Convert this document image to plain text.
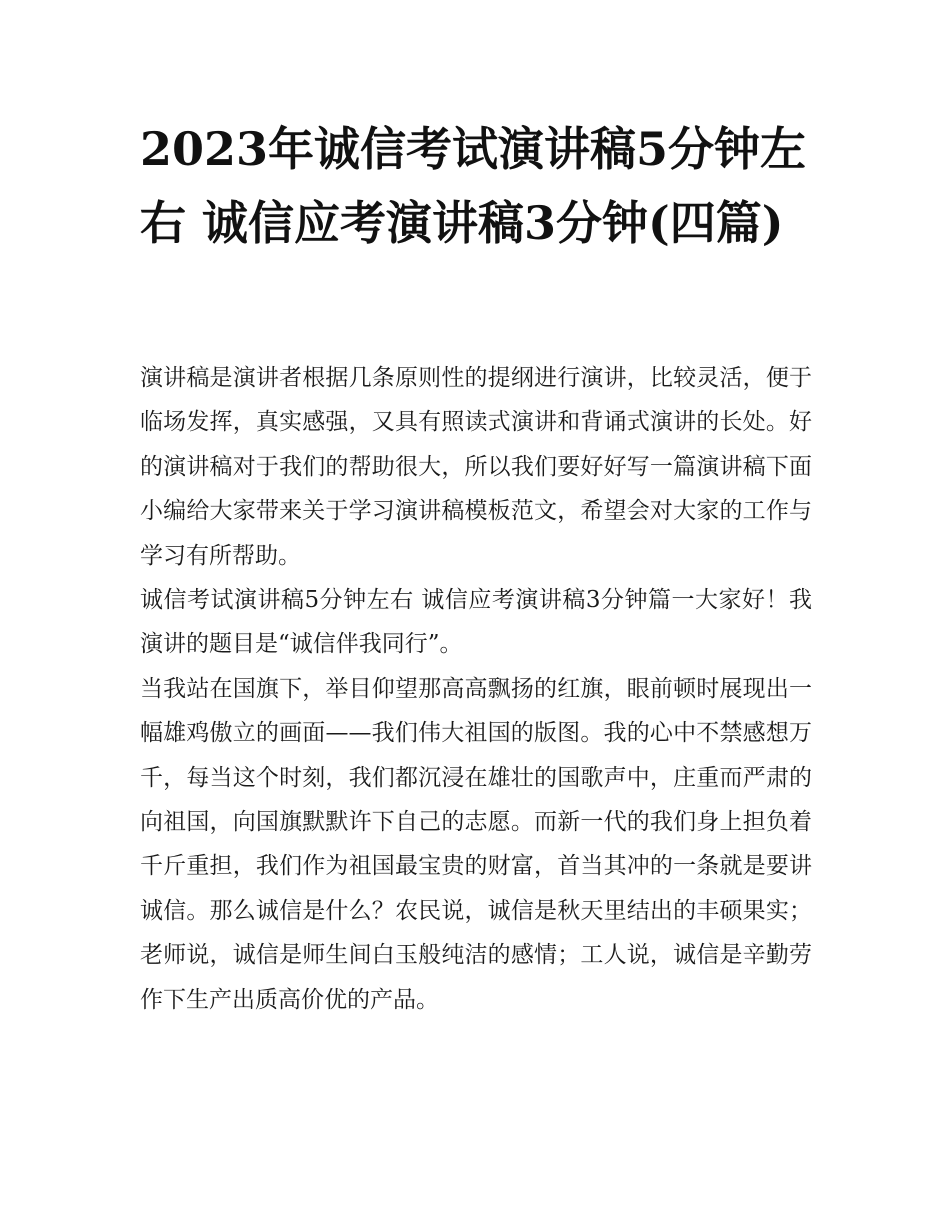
2023年诚信考试演讲稿5分钟左右 诚信应考演讲稿3分钟(四篇)

演讲稿是演讲者根据几条原则性的提纲进行演讲，比较灵活，便于临场发挥，真实感强，又具有照读式演讲和背诵式演讲的长处。好的演讲稿对于我们的帮助很大，所以我们要好好写一篇演讲稿下面小编给大家带来关于学习演讲稿模板范文，希望会对大家的工作与学习有所帮助。

诚信考试演讲稿5分钟左右 诚信应考演讲稿3分钟篇一大家好！我演讲的题目是“诚信伴我同行”。

当我站在国旗下，举目仰望那高高飘扬的红旗，眼前顿时展现出一幅雄鸡傲立的画面——我们伟大祖国的版图。我的心中不禁感想万千，每当这个时刻，我们都沉浸在雄壮的国歌声中，庄重而严肃的向祖国，向国旗默默许下自己的志愿。而新一代的我们身上担负着千斤重担，我们作为祖国最宝贵的财富，首当其冲的一条就是要讲诚信。那么诚信是什么？农民说，诚信是秋天里结出的丰硕果实；老师说，诚信是师生间白玉般纯洁的感情；工人说，诚信是辛勤劳作下生产出质高价优的产品。
